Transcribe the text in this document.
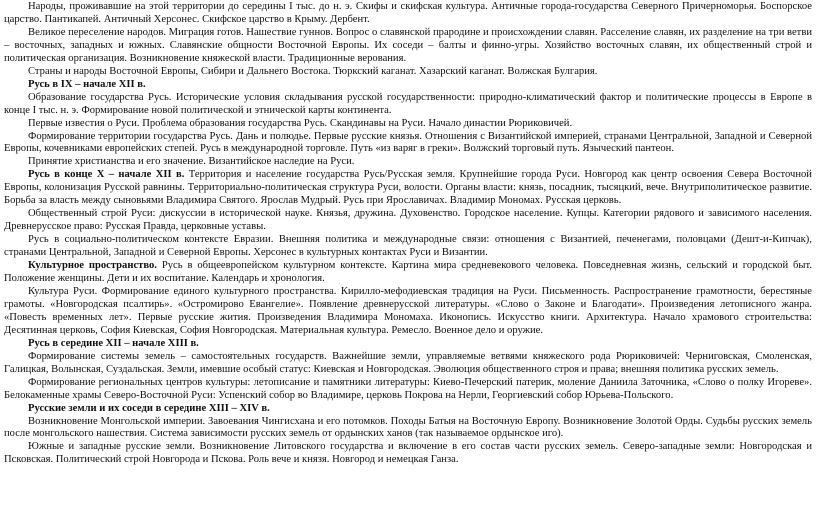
Народы, проживавшие на этой территории до середины I тыс. до н. э. Скифы и скифская культура. Античные города-государства Северного Причерноморья. Боспорское царство. Пантикапей. Античный Херсонес. Скифское царство в Крыму. Дербент.

Великое переселение народов. Миграция готов. Нашествие гуннов. Вопрос о славянской прародине и происхождении славян. Расселение славян, их разделение на три ветви – восточных, западных и южных. Славянские общности Восточной Европы. Их соседи – балты и финно-угры. Хозяйство восточных славян, их общественный строй и политическая организация. Возникновение княжеской власти. Традиционные верования.

Страны и народы Восточной Европы, Сибири и Дальнего Востока. Тюркский каганат. Хазарский каганат. Волжская Булгария.

Русь в IX – начале XII в.

Образование государства Русь. Исторические условия складывания русской государственности: природно-климатический фактор и политические процессы в Европе в конце I тыс. н. э. Формирование новой политической и этнической карты континента.

Первые известия о Руси. Проблема образования государства Русь. Скандинавы на Руси. Начало династии Рюриковичей.

Формирование территории государства Русь. Дань и полюдье. Первые русские князья. Отношения с Византийской империей, странами Центральной, Западной и Северной Европы, кочевниками европейских степей. Русь в международной торговле. Путь «из варяг в греки». Волжский торговый путь. Языческий пантеон.

Принятие христианства и его значение. Византийское наследие на Руси.

Русь в конце X – начале XII в. Территория и население государства Русь/Русская земля. Крупнейшие города Руси. Новгород как центр освоения Севера Восточной Европы, колонизация Русской равнины. Территориально-политическая структура Руси, волости. Органы власти: князь, посадник, тысяцкий, вече. Внутриполитическое развитие. Борьба за власть между сыновьями Владимира Святого. Ярослав Мудрый. Русь при Ярославичах. Владимир Мономах. Русская церковь.

Общественный строй Руси: дискуссии в исторической науке. Князья, дружина. Духовенство. Городское население. Купцы. Категории рядового и зависимого населения. Древнерусское право: Русская Правда, церковные уставы.

Русь в социально-политическом контексте Евразии. Внешняя политика и международные связи: отношения с Византией, печенегами, половцами (Дешт-и-Кипчак), странами Центральной, Западной и Северной Европы. Херсонес в культурных контактах Руси и Византии.

Культурное пространство. Русь в общеевропейском культурном контексте. Картина мира средневекового человека. Повседневная жизнь, сельский и городской быт. Положение женщины. Дети и их воспитание. Календарь и хронология.

Культура Руси. Формирование единого культурного пространства. Кирилло-мефодиевская традиция на Руси. Письменность. Распространение грамотности, берестяные грамоты. «Новгородская псалтирь». «Остромирово Евангелие». Появление древнерусской литературы. «Слово о Законе и Благодати». Произведения летописного жанра. «Повесть временных лет». Первые русские жития. Произведения Владимира Мономаха. Иконопись. Искусство книги. Архитектура. Начало храмового строительства: Десятинная церковь, София Киевская, София Новгородская. Материальная культура. Ремесло. Военное дело и оружие.

Русь в середине XII – начале XIII в.

Формирование системы земель – самостоятельных государств. Важнейшие земли, управляемые ветвями княжеского рода Рюриковичей: Черниговская, Смоленская, Галицкая, Волынская, Суздальская. Земли, имевшие особый статус: Киевская и Новгородская. Эволюция общественного строя и права; внешняя политика русских земель.

Формирование региональных центров культуры: летописание и памятники литературы: Киево-Печерский патерик, моление Даниила Заточника, «Слово о полку Игореве». Белокаменные храмы Северо-Восточной Руси: Успенский собор во Владимире, церковь Покрова на Нерли, Георгиевский собор Юрьева-Польского.

Русские земли и их соседи в середине XIII – XIV в.

Возникновение Монгольской империи. Завоевания Чингисхана и его потомков. Походы Батыя на Восточную Европу. Возникновение Золотой Орды. Судьбы русских земель после монгольского нашествия. Система зависимости русских земель от ордынских ханов (так называемое ордынское иго).

Южные и западные русские земли. Возникновение Литовского государства и включение в его состав части русских земель. Северо-западные земли: Новгородская и Псковская. Политический строй Новгорода и Пскова. Роль вече и князя. Новгород и немецкая Ганза.
